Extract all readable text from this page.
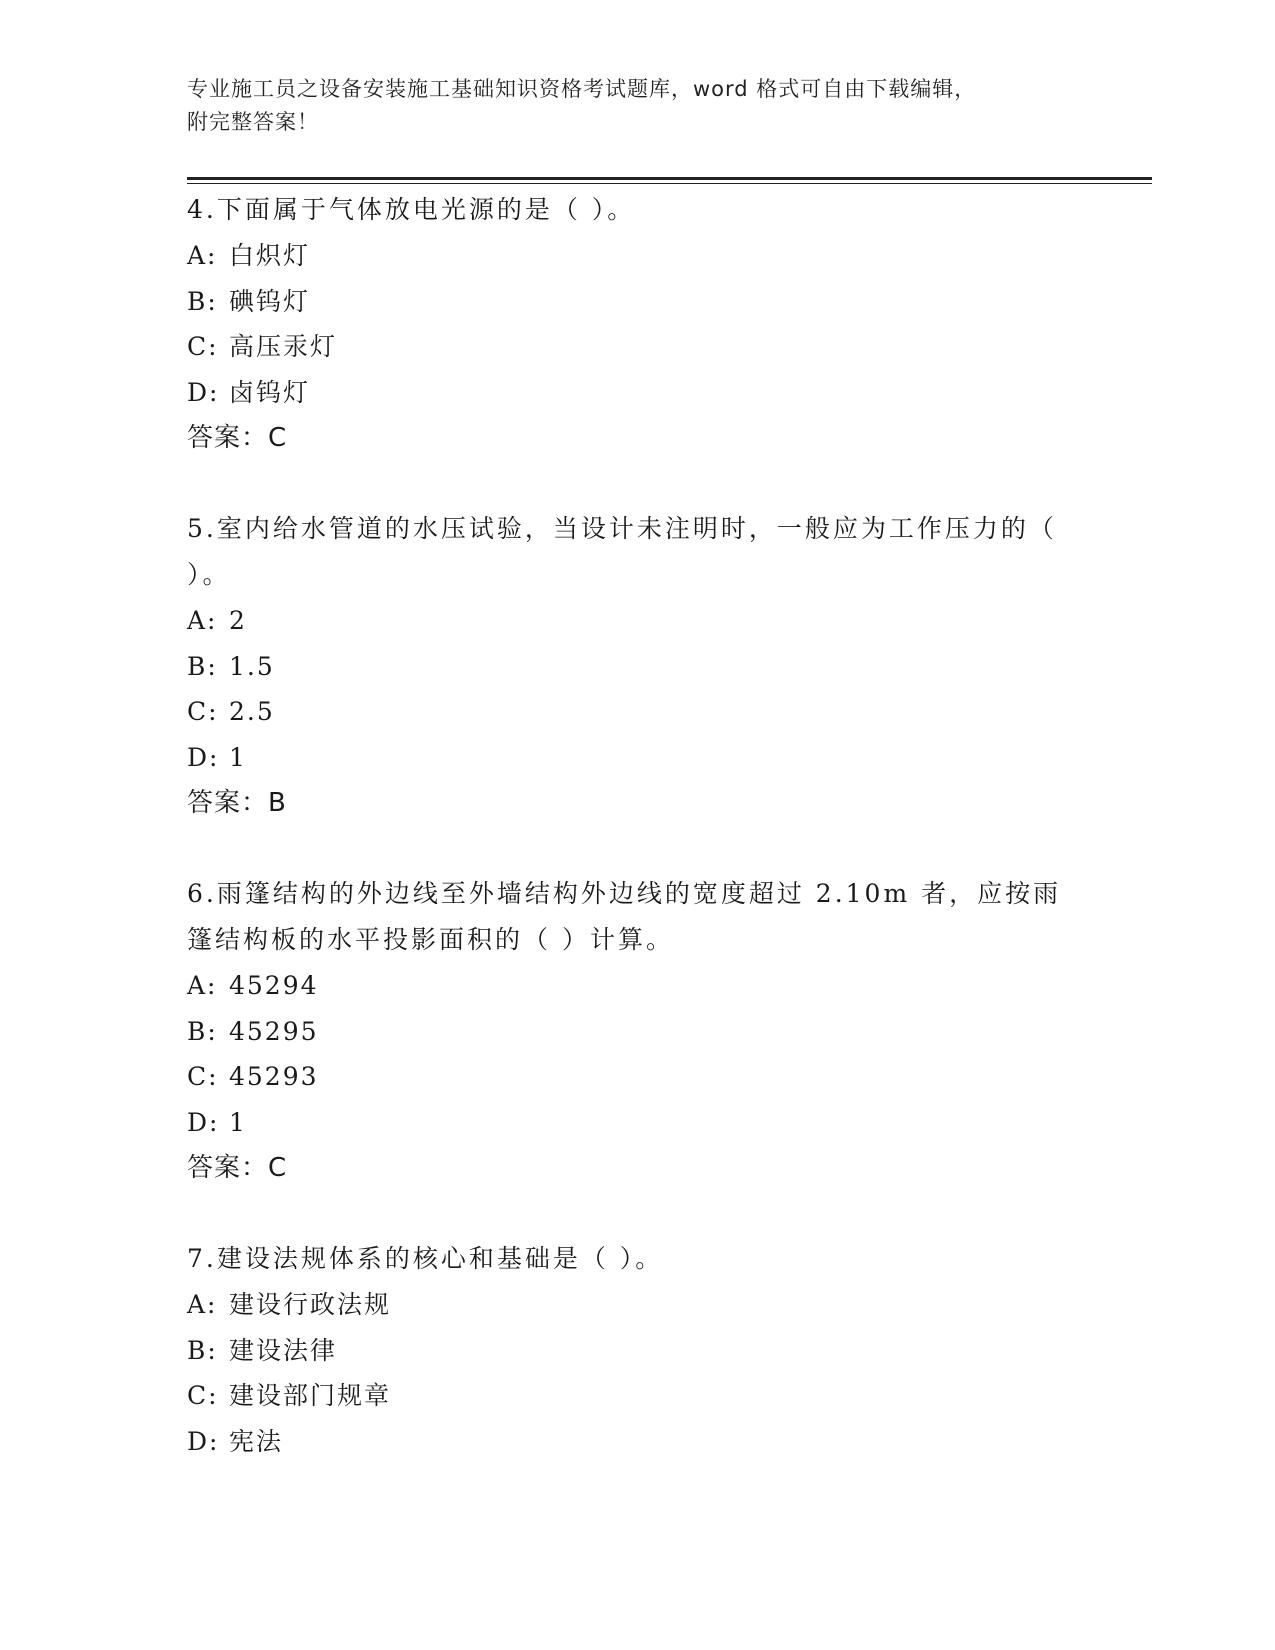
专业施工员之设备安装施工基础知识资格考试题库，word 格式可自由下载编辑，
附完整答案！

4.下面属于气体放电光源的是（ ）。

A: 白炽灯

B: 碘钨灯

C: 高压汞灯

D: 卤钨灯

答案：C

5.室内给水管道的水压试验，当设计未注明时，一般应为工作压力的（ ）。

A: 2

B: 1.5

C: 2.5

D: 1

答案：B

6.雨篷结构的外边线至外墙结构外边线的宽度超过 2.10m 者，应按雨篷结构板的水平投影面积的（ ）计算。

A: 45294

B: 45295

C: 45293

D: 1

答案：C

7.建设法规体系的核心和基础是（ ）。

A: 建设行政法规

B: 建设法律

C: 建设部门规章

D: 宪法
